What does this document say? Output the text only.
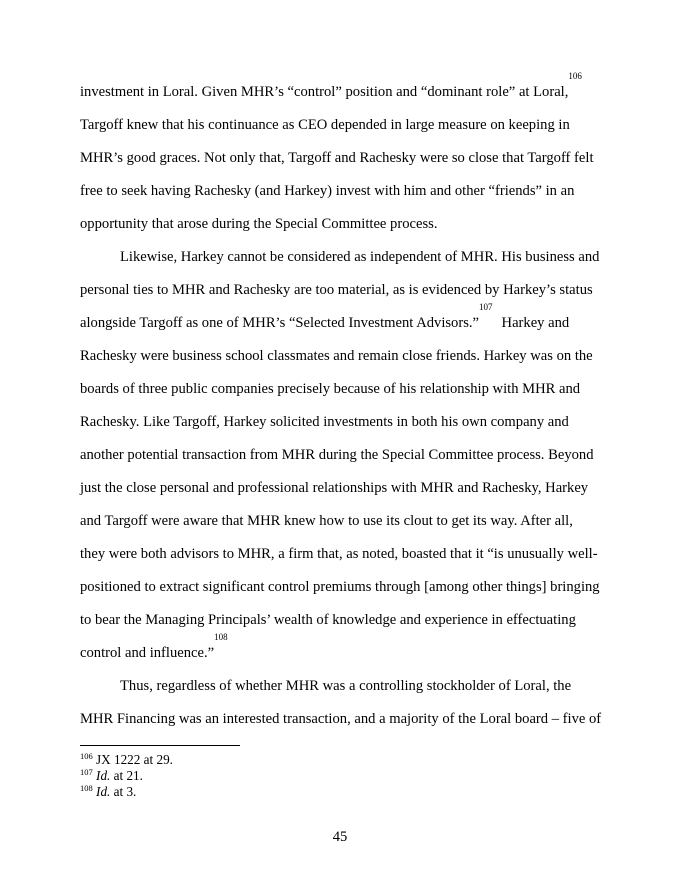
investment in Loral. Given MHR’s “control” position and “dominant role” at Loral,
106
Targoff knew that his continuance as CEO depended in large measure on keeping in
MHR’s good graces. Not only that, Targoff and Rachesky were so close that Targoff felt
free to seek having Rachesky (and Harkey) invest with him and other “friends” in an
opportunity that arose during the Special Committee process.
Likewise, Harkey cannot be considered as independent of MHR. His business and
personal ties to MHR and Rachesky are too material, as is evidenced by Harkey’s status
alongside Targoff as one of MHR’s “Selected Investment Advisors.”
107
Harkey and
Rachesky were business school classmates and remain close friends. Harkey was on the
boards of three public companies precisely because of his relationship with MHR and
Rachesky. Like Targoff, Harkey solicited investments in both his own company and
another potential transaction from MHR during the Special Committee process. Beyond
just the close personal and professional relationships with MHR and Rachesky, Harkey
and Targoff were aware that MHR knew how to use its clout to get its way. After all,
they were both advisors to MHR, a firm that, as noted, boasted that it “is unusually well-
positioned to extract significant control premiums through [among other things] bringing
to bear the Managing Principals’ wealth of knowledge and experience in effectuating
control and influence.”
108
Thus, regardless of whether MHR was a controlling stockholder of Loral, the
MHR Financing was an interested transaction, and a majority of the Loral board – five of
$^{106}$ JX 1222 at 29.
$^{107}$ Id. at 21.
$^{108}$ Id. at 3.
45
